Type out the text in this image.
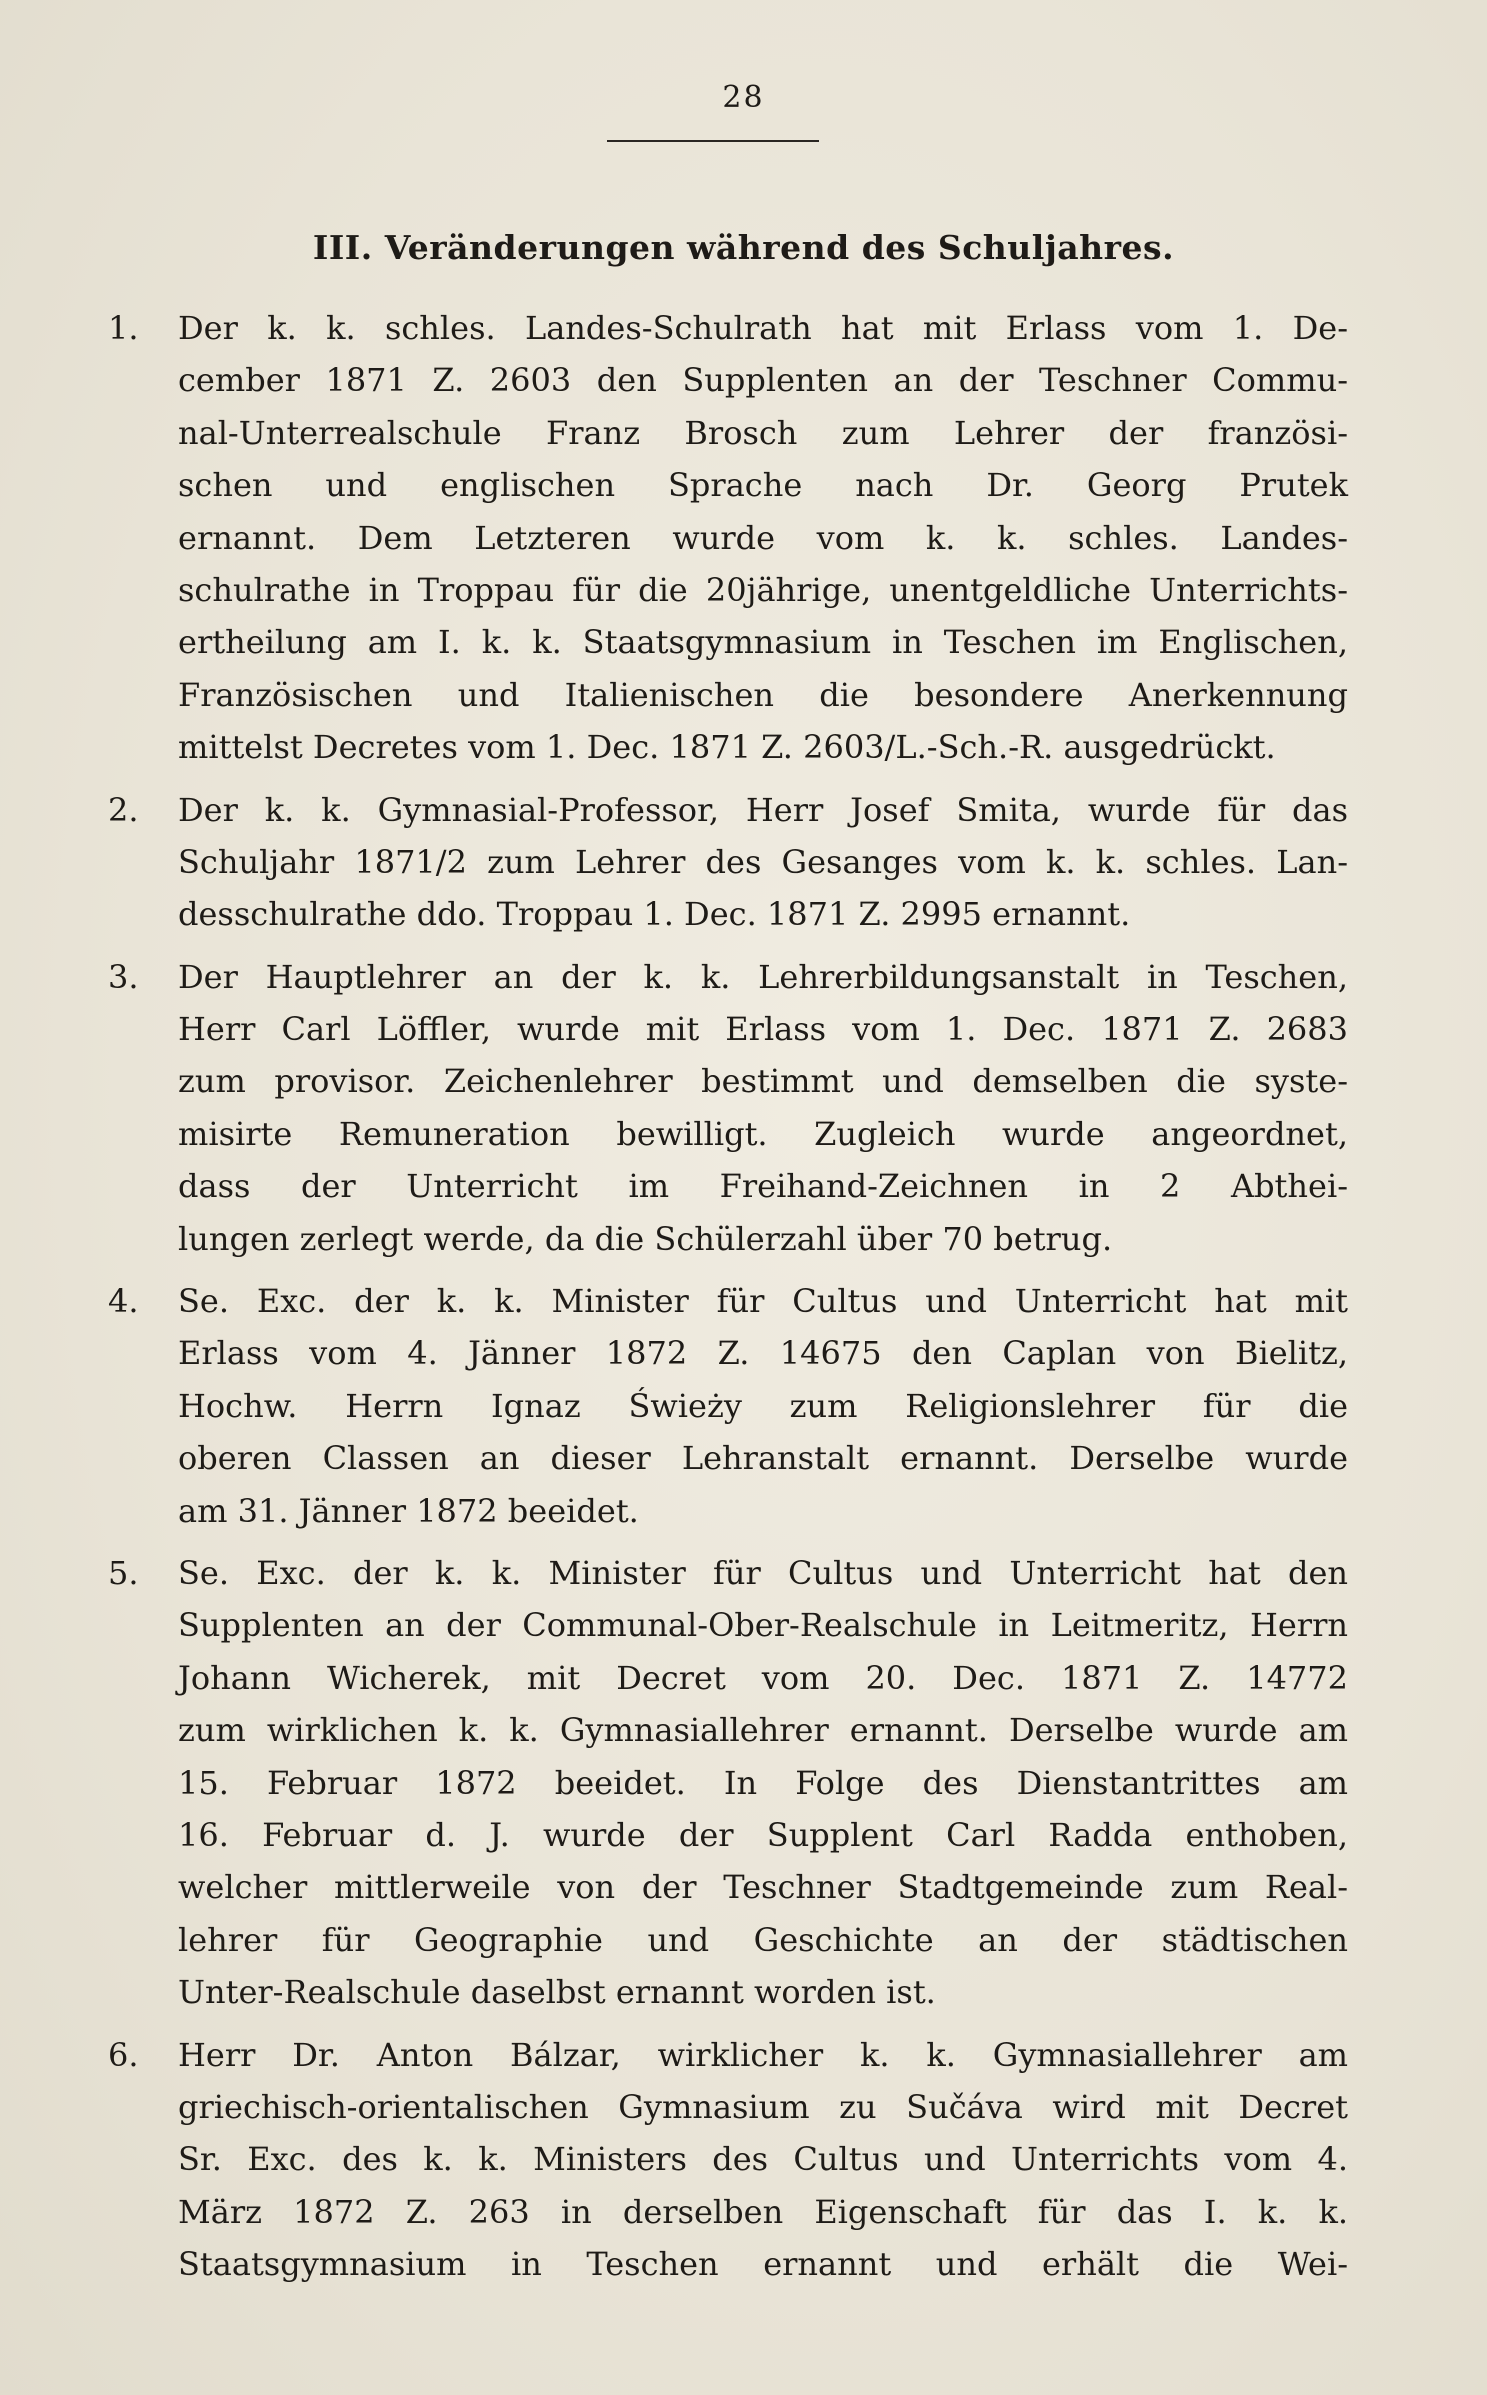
28
III. Veränderungen während des Schuljahres.
1. Der k. k. schles. Landes-Schulrath hat mit Erlass vom 1. De-
cember 1871 Z. 2603 den Supplenten an der Teschner Commu-
nal-Unterrealschule Franz Brosch zum Lehrer der französi-
schen und englischen Sprache nach Dr. Georg Prutek
ernannt. Dem Letzteren wurde vom k. k. schles. Landes-
schulrathe in Troppau für die 20jährige, unentgeldliche Unterrichts-
ertheilung am I. k. k. Staatsgymnasium in Teschen im Englischen,
Französischen und Italienischen die besondere Anerkennung
mittelst Decretes vom 1. Dec. 1871 Z. 2603/L.-Sch.-R. ausgedrückt.
2. Der k. k. Gymnasial-Professor, Herr Josef Smita, wurde für das
Schuljahr 1871/2 zum Lehrer des Gesanges vom k. k. schles. Lan-
desschulrathe ddo. Troppau 1. Dec. 1871 Z. 2995 ernannt.
3. Der Hauptlehrer an der k. k. Lehrerbildungsanstalt in Teschen,
Herr Carl Löffler, wurde mit Erlass vom 1. Dec. 1871 Z. 2683
zum provisor. Zeichenlehrer bestimmt und demselben die syste-
misirte Remuneration bewilligt. Zugleich wurde angeordnet,
dass der Unterricht im Freihand-Zeichnen in 2 Abthei-
lungen zerlegt werde, da die Schülerzahl über 70 betrug.
4. Se. Exc. der k. k. Minister für Cultus und Unterricht hat mit
Erlass vom 4. Jänner 1872 Z. 14675 den Caplan von Bielitz,
Hochw. Herrn Ignaz Świeży zum Religionslehrer für die
oberen Classen an dieser Lehranstalt ernannt. Derselbe wurde
am 31. Jänner 1872 beeidet.
5. Se. Exc. der k. k. Minister für Cultus und Unterricht hat den
Supplenten an der Communal-Ober-Realschule in Leitmeritz, Herrn
Johann Wicherek, mit Decret vom 20. Dec. 1871 Z. 14772
zum wirklichen k. k. Gymnasiallehrer ernannt. Derselbe wurde am
15. Februar 1872 beeidet. In Folge des Dienstantrittes am
16. Februar d. J. wurde der Supplent Carl Radda enthoben,
welcher mittlerweile von der Teschner Stadtgemeinde zum Real-
lehrer für Geographie und Geschichte an der städtischen
Unter-Realschule daselbst ernannt worden ist.
6. Herr Dr. Anton Bálzar, wirklicher k. k. Gymnasiallehrer am
griechisch-orientalischen Gymnasium zu Sučáva wird mit Decret
Sr. Exc. des k. k. Ministers des Cultus und Unterrichts vom 4.
März 1872 Z. 263 in derselben Eigenschaft für das I. k. k.
Staatsgymnasium in Teschen ernannt und erhält die Wei-
